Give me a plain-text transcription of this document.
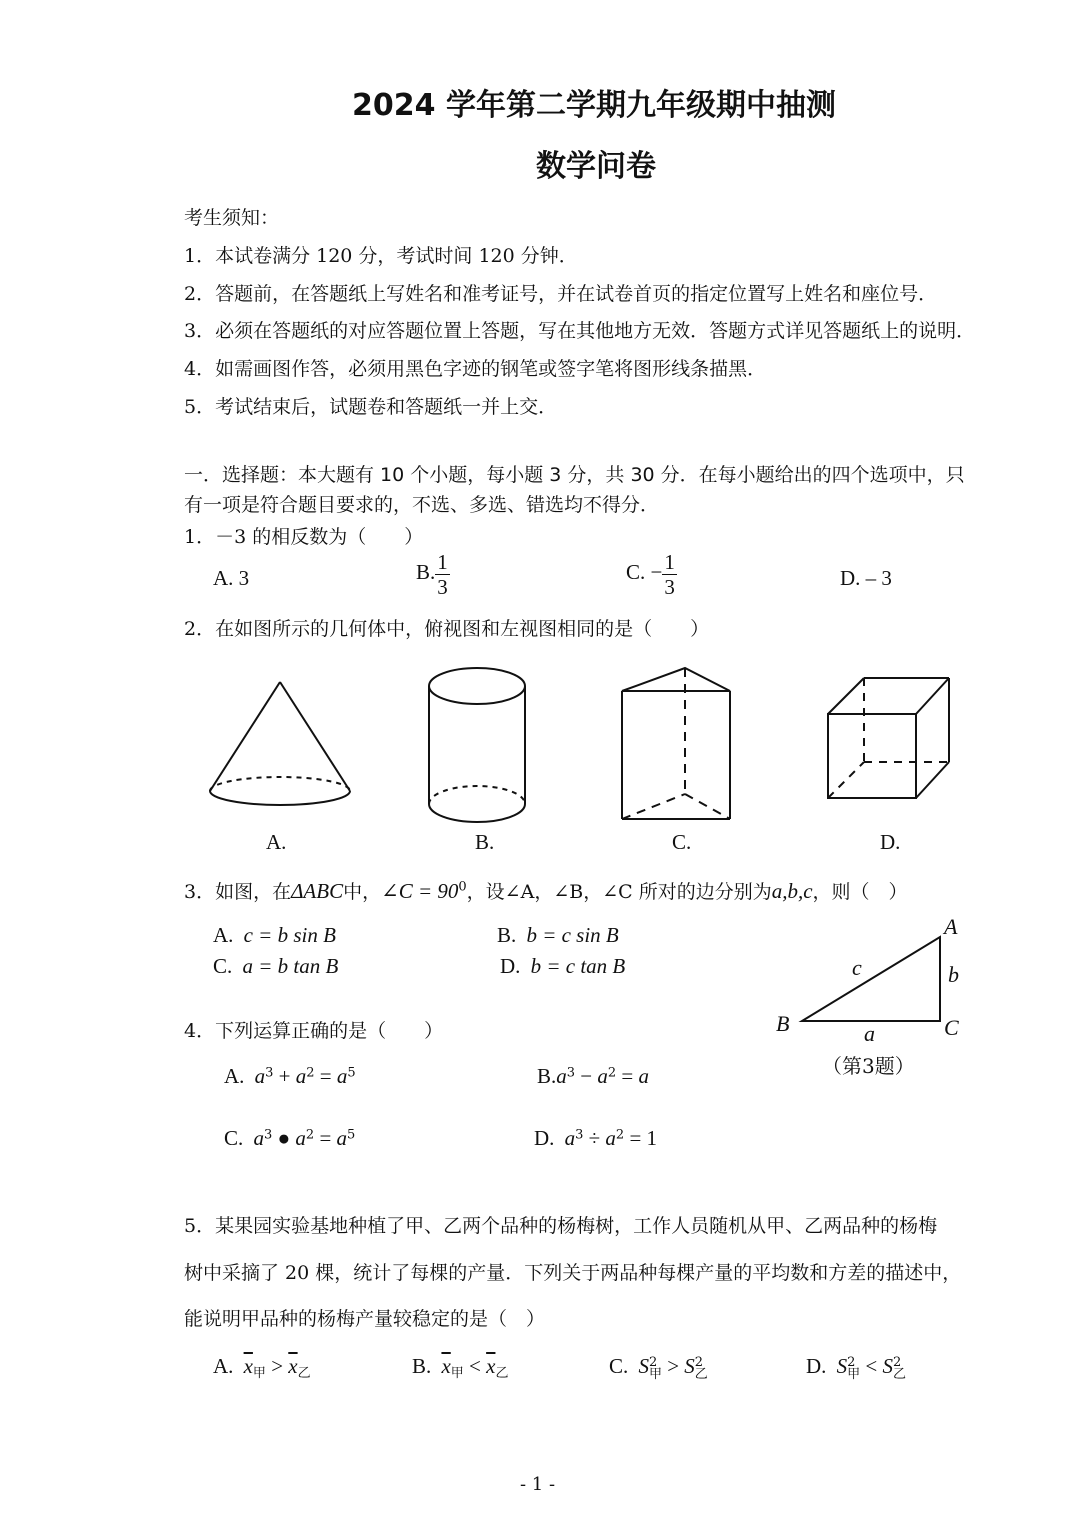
2024 学年第二学期九年级期中抽测
数学问卷
考生须知：
1．本试卷满分 120 分，考试时间 120 分钟．
2．答题前，在答题纸上写姓名和准考证号，并在试卷首页的指定位置写上姓名和座位号．
3．必须在答题纸的对应答题位置上答题，写在其他地方无效．答题方式详见答题纸上的说明．
4．如需画图作答，必须用黑色字迹的钢笔或签字笔将图形线条描黑．
5．考试结束后，试题卷和答题纸一并上交．
一．选择题：本大题有 10 个小题，每小题 3 分，共 30 分．在每小题给出的四个选项中，只
有一项是符合题目要求的，不选、多选、错选均不得分．
1．－3 的相反数为（　　）
A. 3	B. $\frac{1}{3}$	C. − $\frac{1}{3}$	D. – 3
2．在如图所示的几何体中，俯视图和左视图相同的是（　　）
A.	B.	C.	D.
3．如图，在ΔABC中，∠C = $90^0$，设∠A，∠B，∠C 所对的边分别为a,b,c，则（　）
A. c = b sin B	B. b = c sin B
C. a = b tan B	D. b = c tan B
A
B	C
c	b
a
（第3题）
4．下列运算正确的是（　　）
A. $a^3 + a^2 = a^5$	$B.a^3 - a^2 = a$
C. $a^3$ ● $a^2 = a^5$	D. $a^3 \div a^2 = 1$
5．某果园实验基地种植了甲、乙两个品种的杨梅树，工作人员随机从甲、乙两品种的杨梅
树中采摘了 20 棵，统计了每棵的产量．下列关于两品种每棵产量的平均数和方差的描述中，
能说明甲品种的杨梅产量较稳定的是（　）
A. $\overline{x}_甲 > \overline{x}_乙$	B. $\overline{x}_甲 < \overline{x}_乙$	C. S 2
甲 > S 2
乙	D. S 2
甲 < S 2
乙
- 1 -
